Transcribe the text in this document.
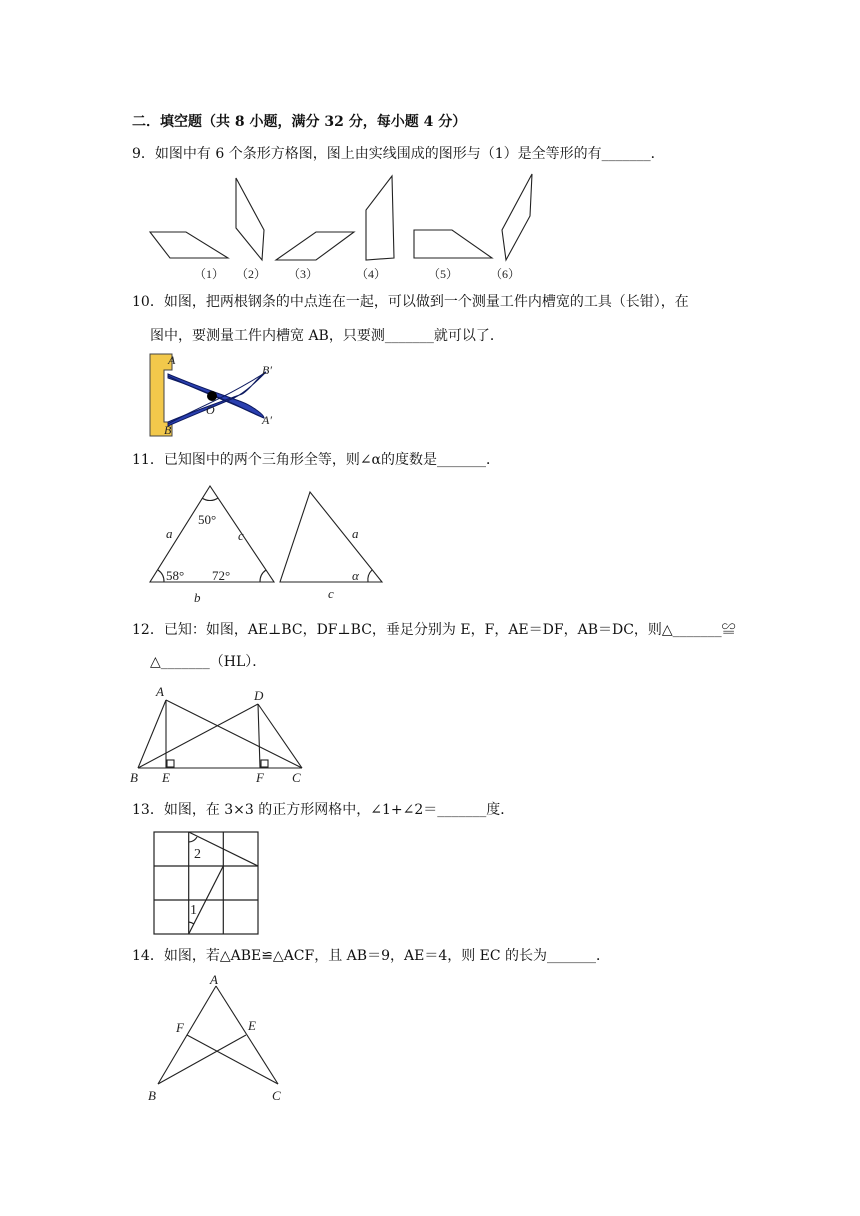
二．填空题（共 8 小题，满分 32 分，每小题 4 分）
9．如图中有 6 个条形方格图，图上由实线围成的图形与（1）是全等形的有_______．
（1） （2） （3）	（4）	（5）	（6）
10．如图，把两根钢条的中点连在一起，可以做到一个测量工件内槽宽的工具（长钳），在
图中，要测量工件内槽宽 AB，只要测_______就可以了．
A
B
O
A′
B′
11．已知图中的两个三角形全等，则∠α的度数是_______．
a	c
b
50°
58° 72°
a
c
α
12．已知：如图，AE⊥BC，DF⊥BC，垂足分别为 E，F，AE＝DF，AB＝DC，则△_______≌
△_______（HL）．
A	D
B E	F C
13．如图，在 3×3 的正方形网格中，∠1+∠2＝_______度．
2
1
14．如图，若△ABE≌△ACF，且 AB＝9，AE＝4，则 EC 的长为_______．
A
F	E
B	C
